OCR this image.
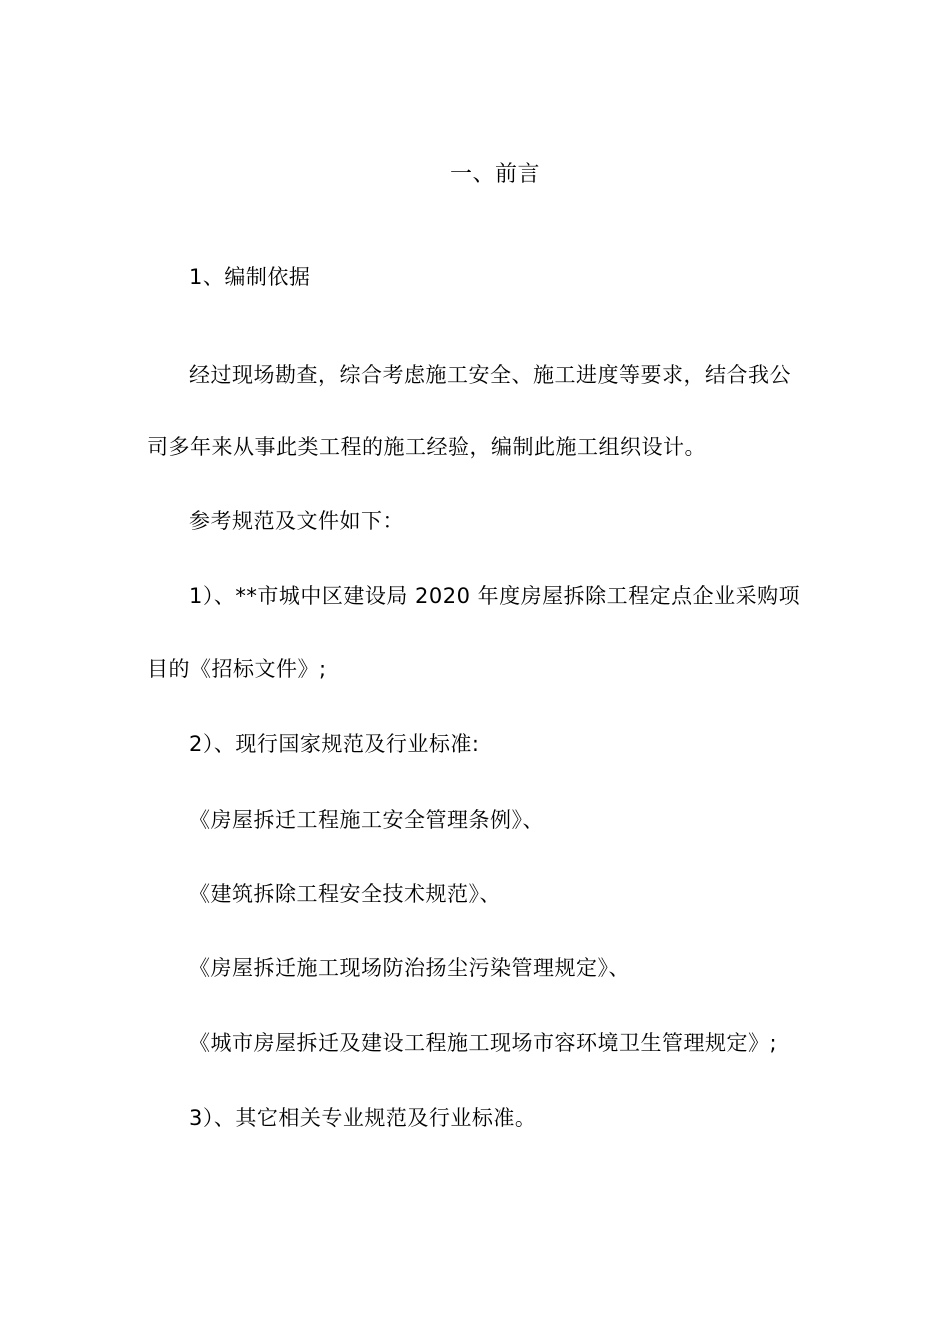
一、前言
1、编制依据
经过现场勘查，综合考虑施工安全、施工进度等要求，结合我公
司多年来从事此类工程的施工经验，编制此施工组织设计。
参考规范及文件如下：
1）、**市城中区建设局 2020 年度房屋拆除工程定点企业采购项
目的《招标文件》;
2）、现行国家规范及行业标准:
《房屋拆迁工程施工安全管理条例》、
《建筑拆除工程安全技术规范》、
《房屋拆迁施工现场防治扬尘污染管理规定》、
《城市房屋拆迁及建设工程施工现场市容环境卫生管理规定》;
3）、其它相关专业规范及行业标准。
